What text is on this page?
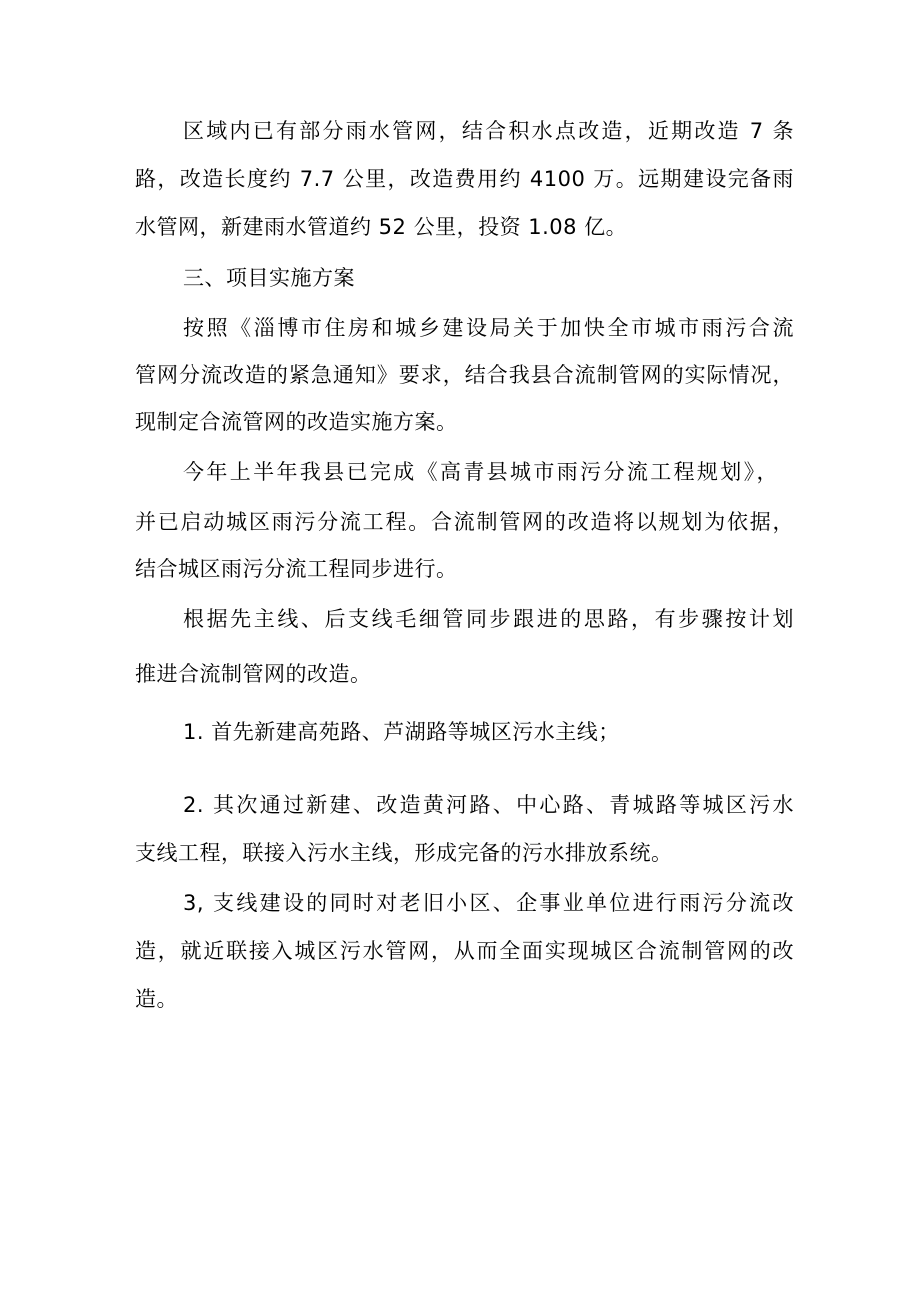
区域内已有部分雨水管网，结合积水点改造，近期改造 7 条
路，改造长度约 7.7 公里，改造费用约 4100 万。远期建设完备雨
水管网，新建雨水管道约 52 公里，投资 1.08 亿。
三、项目实施方案
按照《淄博市住房和城乡建设局关于加快全市城市雨污合流
管网分流改造的紧急通知》要求，结合我县合流制管网的实际情况，
现制定合流管网的改造实施方案。
今年上半年我县已完成《高青县城市雨污分流工程规划》，
并已启动城区雨污分流工程。合流制管网的改造将以规划为依据，
结合城区雨污分流工程同步进行。
根据先主线、后支线毛细管同步跟进的思路，有步骤按计划
推进合流制管网的改造。
1. 首先新建高苑路、芦湖路等城区污水主线；
2. 其次通过新建、改造黄河路、中心路、青城路等城区污水
支线工程，联接入污水主线，形成完备的污水排放系统。
3, 支线建设的同时对老旧小区、企事业单位进行雨污分流改
造，就近联接入城区污水管网，从而全面实现城区合流制管网的改
造。
